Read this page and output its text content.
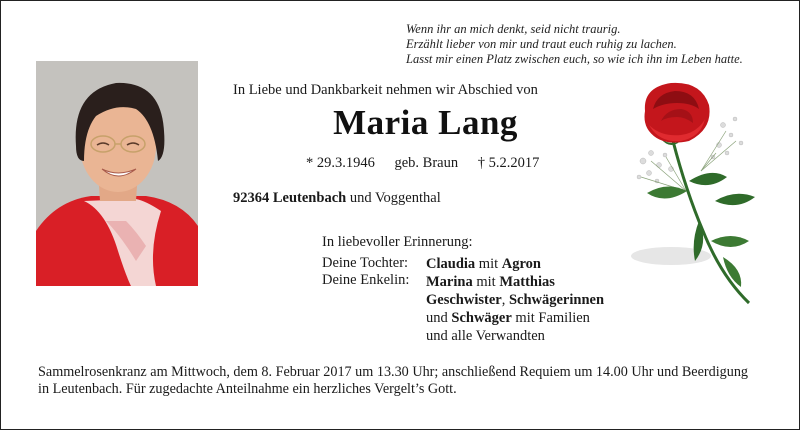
Wenn ihr an mich denkt, seid nicht traurig.
Erzählt lieber von mir und traut euch ruhig zu lachen.
Lasst mir einen Platz zwischen euch, so wie ich ihn im Leben hatte.
In Liebe und Dankbarkeit nehmen wir Abschied von
Maria Lang
* 29.3.1946 geb. Braun † 5.2.2017
92364 Leutenbach und Voggenthal
In liebevoller Erinnerung:
Deine Tochter:
Deine Enkelin:
Claudia mit Agron
Marina mit Matthias
Geschwister, Schwägerinnen
und Schwäger mit Familien
und alle Verwandten
Sammelrosenkranz am Mittwoch, dem 8. Februar 2017 um 13.30 Uhr; anschließend Requiem um 14.00 Uhr und Beerdigung
in Leutenbach. Für zugedachte Anteilnahme ein herzliches Vergelt’s Gott.
